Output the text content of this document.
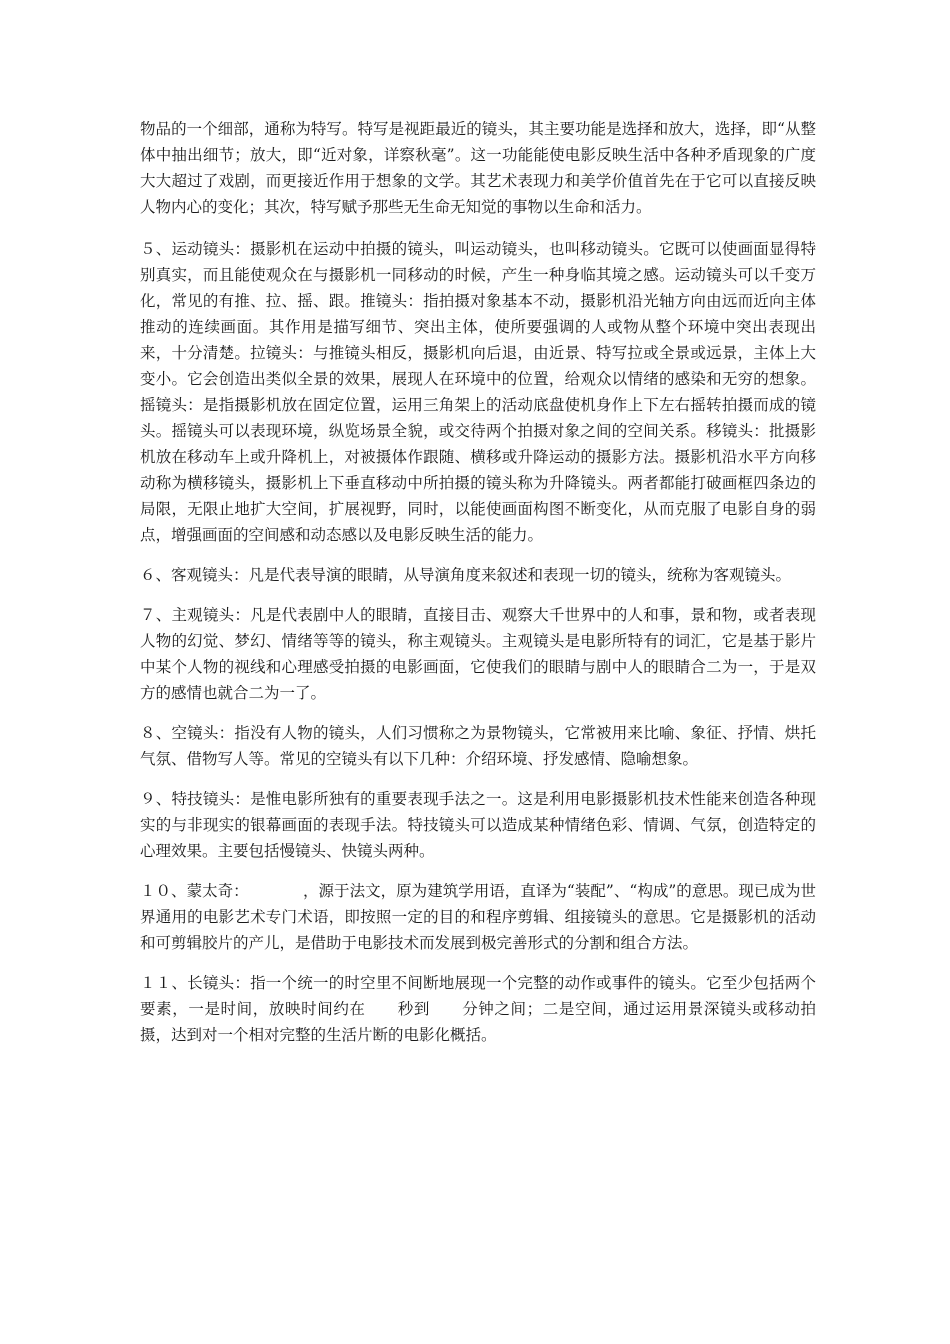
物品的一个细部，通称为特写。特写是视距最近的镜头，其主要功能是选择和放大，选择，即“从整体中抽出细节；放大，即“近对象，详察秋毫”。这一功能能使电影反映生活中各种矛盾现象的广度大大超过了戏剧，而更接近作用于想象的文学。其艺术表现力和美学价值首先在于它可以直接反映人物内心的变化；其次，特写赋予那些无生命无知觉的事物以生命和活力。

５、运动镜头：摄影机在运动中拍摄的镜头，叫运动镜头，也叫移动镜头。它既可以使画面显得特别真实，而且能使观众在与摄影机一同移动的时候，产生一种身临其境之感。运动镜头可以千变万化，常见的有推、拉、摇、跟。推镜头：指拍摄对象基本不动，摄影机沿光轴方向由远而近向主体推动的连续画面。其作用是描写细节、突出主体，使所要强调的人或物从整个环境中突出表现出来，十分清楚。拉镜头：与推镜头相反，摄影机向后退，由近景、特写拉或全景或远景，主体上大变小。它会创造出类似全景的效果，展现人在环境中的位置，给观众以情绪的感染和无穷的想象。摇镜头：是指摄影机放在固定位置，运用三角架上的活动底盘使机身作上下左右摇转拍摄而成的镜头。摇镜头可以表现环境，纵览场景全貌，或交待两个拍摄对象之间的空间关系。移镜头：批摄影机放在移动车上或升降机上，对被摄体作跟随、横移或升降运动的摄影方法。摄影机沿水平方向移动称为横移镜头，摄影机上下垂直移动中所拍摄的镜头称为升降镜头。两者都能打破画框四条边的局限，无限止地扩大空间，扩展视野，同时，以能使画面构图不断变化，从而克服了电影自身的弱点，增强画面的空间感和动态感以及电影反映生活的能力。

６、客观镜头：凡是代表导演的眼睛，从导演角度来叙述和表现一切的镜头，统称为客观镜头。

７、主观镜头：凡是代表剧中人的眼睛，直接目击、观察大千世界中的人和事，景和物，或者表现人物的幻觉、梦幻、情绪等等的镜头，称主观镜头。主观镜头是电影所特有的词汇，它是基于影片中某个人物的视线和心理感受拍摄的电影画面，它使我们的眼睛与剧中人的眼睛合二为一，于是双方的感情也就合二为一了。

８、空镜头：指没有人物的镜头，人们习惯称之为景物镜头，它常被用来比喻、象征、抒情、烘托气氛、借物写人等。常见的空镜头有以下几种：介绍环境、抒发感情、隐喻想象。

９、特技镜头：是惟电影所独有的重要表现手法之一。这是利用电影摄影机技术性能来创造各种现实的与非现实的银幕画面的表现手法。特技镜头可以造成某种情绪色彩、情调、气氛，创造特定的心理效果。主要包括慢镜头、快镜头两种。

１０、蒙太奇：　　　　，源于法文，原为建筑学用语，直译为“装配”、“构成”的意思。现已成为世界通用的电影艺术专门术语，即按照一定的目的和程序剪辑、组接镜头的意思。它是摄影机的活动和可剪辑胶片的产儿，是借助于电影技术而发展到极完善形式的分割和组合方法。

１１、长镜头：指一个统一的时空里不间断地展现一个完整的动作或事件的镜头。它至少包括两个要素，一是时间，放映时间约在　　秒到　　分钟之间；二是空间，通过运用景深镜头或移动拍摄，达到对一个相对完整的生活片断的电影化概括。
